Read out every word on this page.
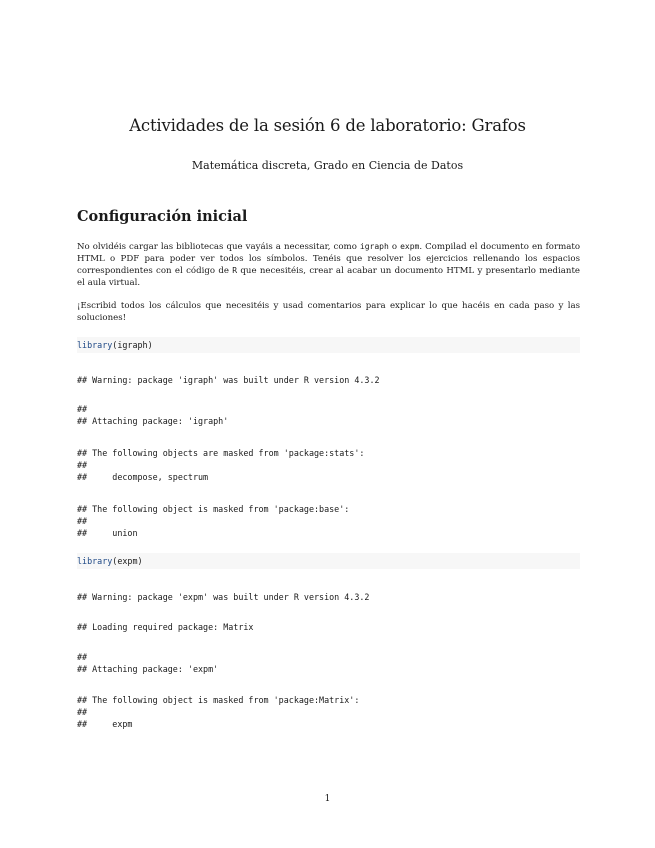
Actividades de la sesión 6 de laboratorio: Grafos
Matemática discreta, Grado en Ciencia de Datos
Configuración inicial
No olvidéis cargar las bibliotecas que vayáis a necessitar, como igraph o expm. Compilad el documento en formato HTML o PDF para poder ver todos los símbolos. Tenéis que resolver los ejercicios rellenando los espacios correspondientes con el código de R que necesitéis, crear al acabar un documento HTML y presentarlo mediante el aula virtual.
¡Escribid todos los cálculos que necesitéis y usad comentarios para explicar lo que hacéis en cada paso y las soluciones!
library(igraph)
## Warning: package 'igraph' was built under R version 4.3.2
##
## Attaching package: 'igraph'
## The following objects are masked from 'package:stats':
##
##     decompose, spectrum
## The following object is masked from 'package:base':
##
##     union
library(expm)
## Warning: package 'expm' was built under R version 4.3.2
## Loading required package: Matrix
##
## Attaching package: 'expm'
## The following object is masked from 'package:Matrix':
##
##     expm
1
